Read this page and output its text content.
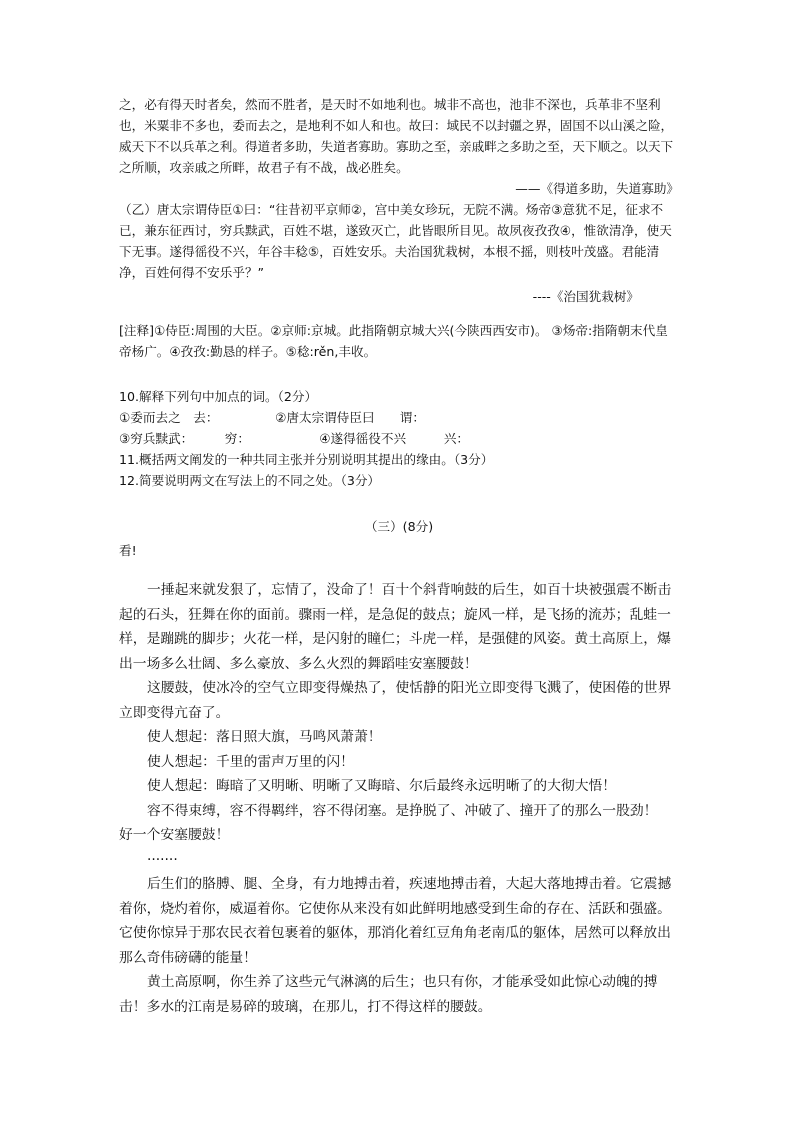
之，必有得天时者矣，然而不胜者，是天时不如地利也。城非不高也，池非不深也，兵革非不坚利也，米粟非不多也，委而去之，是地利不如人和也。故曰：域民不以封疆之界，固国不以山溪之险，威天下不以兵革之利。得道者多助，失道者寡助。寡助之至，亲戚畔之多助之至，天下顺之。以天下之所顺，攻亲戚之所畔，故君子有不战，战必胜矣。

——《得道多助，失道寡助》

（乙）唐太宗谓侍臣①曰：“往昔初平京师②，宫中美女珍玩，无院不满。炀帝③意犹不足，征求不已，兼东征西讨，穷兵黩武，百姓不堪，遂致灭亡，此皆眼所目见。故夙夜孜孜④，惟欲清净，使天下无事。遂得徭役不兴，年谷丰稔⑤，百姓安乐。夫治国犹栽树，本根不摇，则枝叶茂盛。君能清净，百姓何得不安乐乎？”

----《治国犹栽树》

[注释]①侍臣:周围的大臣。②京师:京城。此指隋朝京城大兴(今陕西西安市)。 ③炀帝:指隋朝末代皇帝杨广。④孜孜:勤恳的样子。⑤稔:rěn,丰收。

10.解释下列句中加点的词。（2分）

①委而去之　去：　　　　　②唐太宗谓侍臣曰　　谓：

③穷兵黩武：　　　穷：　　　　　　④遂得徭役不兴　　　兴：

11.概括两文阐发的一种共同主张并分别说明其提出的缘由。（3分）

12.简要说明两文在写法上的不同之处。（3分）

（三）(8分)

看!

一捶起来就发狠了，忘情了，没命了！百十个斜背响鼓的后生，如百十块被强震不断击起的石头，狂舞在你的面前。骤雨一样，是急促的鼓点；旋风一样，是飞扬的流苏；乱蛙一样，是蹦跳的脚步；火花一样，是闪射的瞳仁；斗虎一样，是强健的风姿。黄土高原上，爆出一场多么壮阔、多么豪放、多么火烈的舞蹈哇安塞腰鼓！

这腰鼓，使冰冷的空气立即变得燥热了，使恬静的阳光立即变得飞溅了，使困倦的世界立即变得亢奋了。

使人想起：落日照大旗，马鸣风萧萧！

使人想起：千里的雷声万里的闪！

使人想起：晦暗了又明晰、明晰了又晦暗、尔后最终永远明晰了的大彻大悟！

容不得束缚，容不得羁绊，容不得闭塞。是挣脱了、冲破了、撞开了的那么一股劲！

好一个安塞腰鼓！

·······

后生们的胳膊、腿、全身，有力地搏击着，疾速地搏击着，大起大落地搏击着。它震撼着你，烧灼着你，威逼着你。它使你从来没有如此鲜明地感受到生命的存在、活跃和强盛。它使你惊异于那农民衣着包裹着的躯体，那消化着红豆角角老南瓜的躯体，居然可以释放出那么奇伟磅礴的能量！

黄土高原啊，你生养了这些元气淋漓的后生；也只有你，才能承受如此惊心动魄的搏击！多水的江南是易碎的玻璃，在那儿，打不得这样的腰鼓。
